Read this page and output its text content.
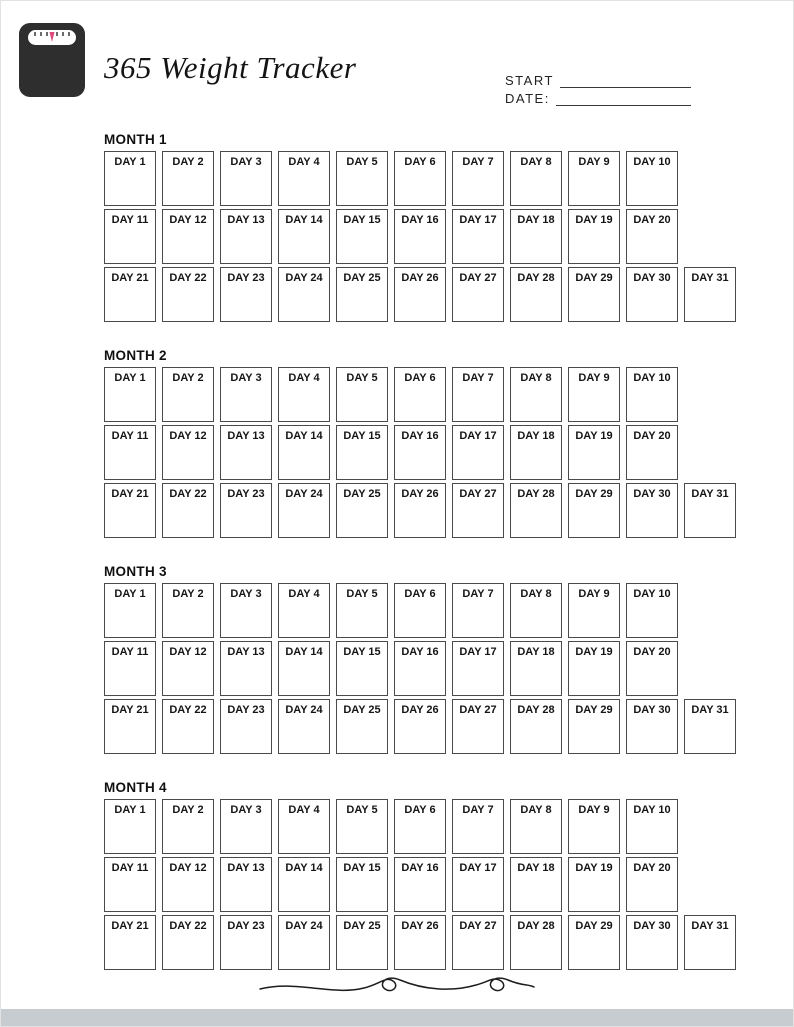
365 Weight Tracker	START
DATE:
MONTH 1
DAY 1	DAY 2	DAY 3	DAY 4	DAY 5	DAY 6	DAY 7	DAY 8	DAY 9	DAY 10
DAY 11	DAY 12	DAY 13	DAY 14	DAY 15	DAY 16	DAY 17	DAY 18	DAY 19	DAY 20
DAY 21	DAY 22	DAY 23	DAY 24	DAY 25	DAY 26	DAY 27	DAY 28	DAY 29	DAY 30	DAY 31
MONTH 2
DAY 1	DAY 2	DAY 3	DAY 4	DAY 5	DAY 6	DAY 7	DAY 8	DAY 9	DAY 10
DAY 11	DAY 12	DAY 13	DAY 14	DAY 15	DAY 16	DAY 17	DAY 18	DAY 19	DAY 20
DAY 21	DAY 22	DAY 23	DAY 24	DAY 25	DAY 26	DAY 27	DAY 28	DAY 29	DAY 30	DAY 31
MONTH 3
DAY 1	DAY 2	DAY 3	DAY 4	DAY 5	DAY 6	DAY 7	DAY 8	DAY 9	DAY 10
DAY 11	DAY 12	DAY 13	DAY 14	DAY 15	DAY 16	DAY 17	DAY 18	DAY 19	DAY 20
DAY 21	DAY 22	DAY 23	DAY 24	DAY 25	DAY 26	DAY 27	DAY 28	DAY 29	DAY 30	DAY 31
MONTH 4
DAY 1	DAY 2	DAY 3	DAY 4	DAY 5	DAY 6	DAY 7	DAY 8	DAY 9	DAY 10
DAY 11	DAY 12	DAY 13	DAY 14	DAY 15	DAY 16	DAY 17	DAY 18	DAY 19	DAY 20
DAY 21	DAY 22	DAY 23	DAY 24	DAY 25	DAY 26	DAY 27	DAY 28	DAY 29	DAY 30	DAY 31
